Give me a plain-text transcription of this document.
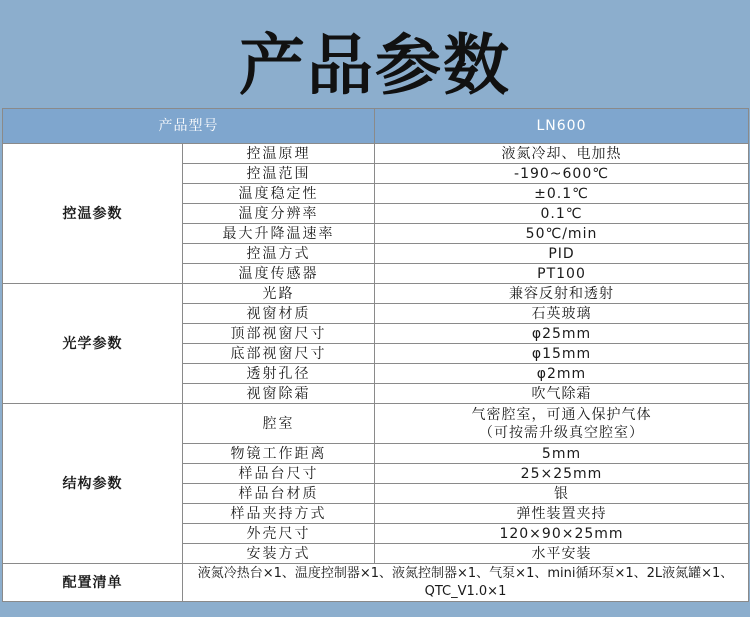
产品参数
产品型号		LN600
控温参数	控温原理	液氮冷却、电加热
	控温范围	-190~600℃
	温度稳定性	±0.1℃
	温度分辨率	0.1℃
	最大升降温速率	50℃/min
	控温方式	PID
	温度传感器	PT100
光学参数	光路	兼容反射和透射
	视窗材质	石英玻璃
	顶部视窗尺寸	φ25mm
	底部视窗尺寸	φ15mm
	透射孔径	φ2mm
	视窗除霜	吹气除霜
结构参数	腔室	气密腔室，可通入保护气体
（可按需升级真空腔室）

	物镜工作距离	5mm
	样品台尺寸	25×25mm
	样品台材质	银
	样品夹持方式	弹性装置夹持
	外壳尺寸	120×90×25mm
	安装方式	水平安装
配置清单	液氮冷热台×1、温度控制器×1、液氮控制器×1、气泵×1、mini循环泵×1、2L液氮罐×1、
QTC_V1.0×1	
